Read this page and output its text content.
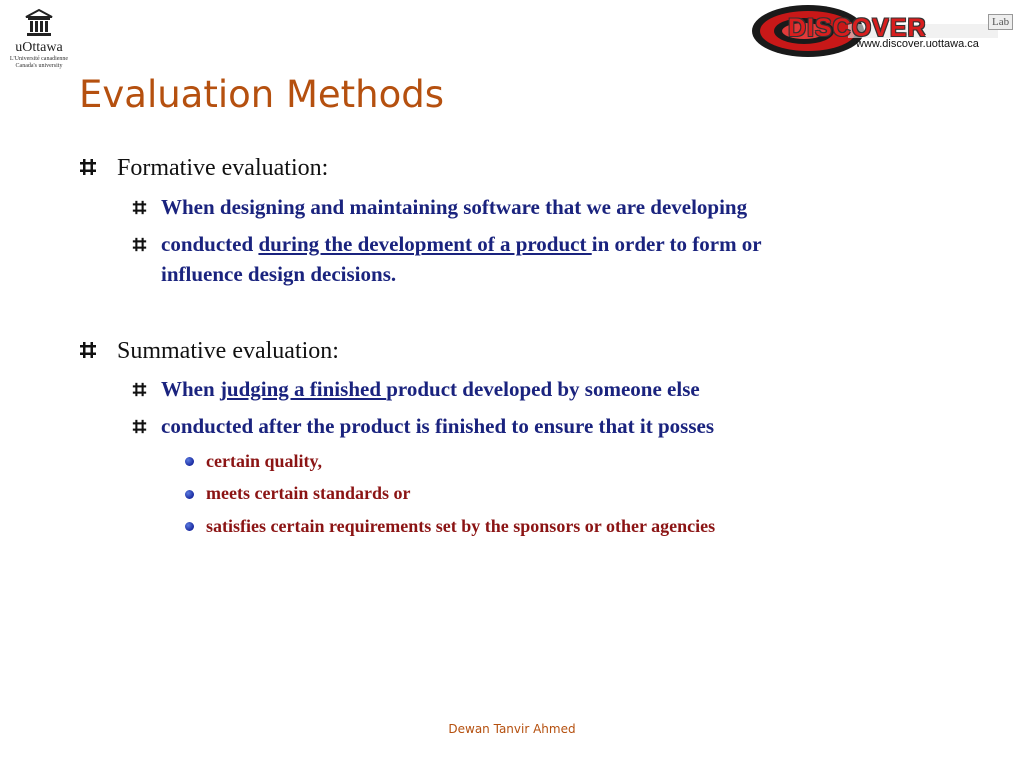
uOttawa
L'Université canadienne
Canada's university
DISCOVER	Lab
www.discover.uottawa.ca
Evaluation Methods
Formative evaluation:
When designing and maintaining software that we are developing
conducted during the development of a product in order to form or
influence design decisions.
Summative evaluation:
When judging a finished product developed by someone else
conducted after the product is finished to ensure that it posses
certain quality,
meets certain standards or
satisfies certain requirements set by the sponsors or other agencies
Dewan Tanvir Ahmed
